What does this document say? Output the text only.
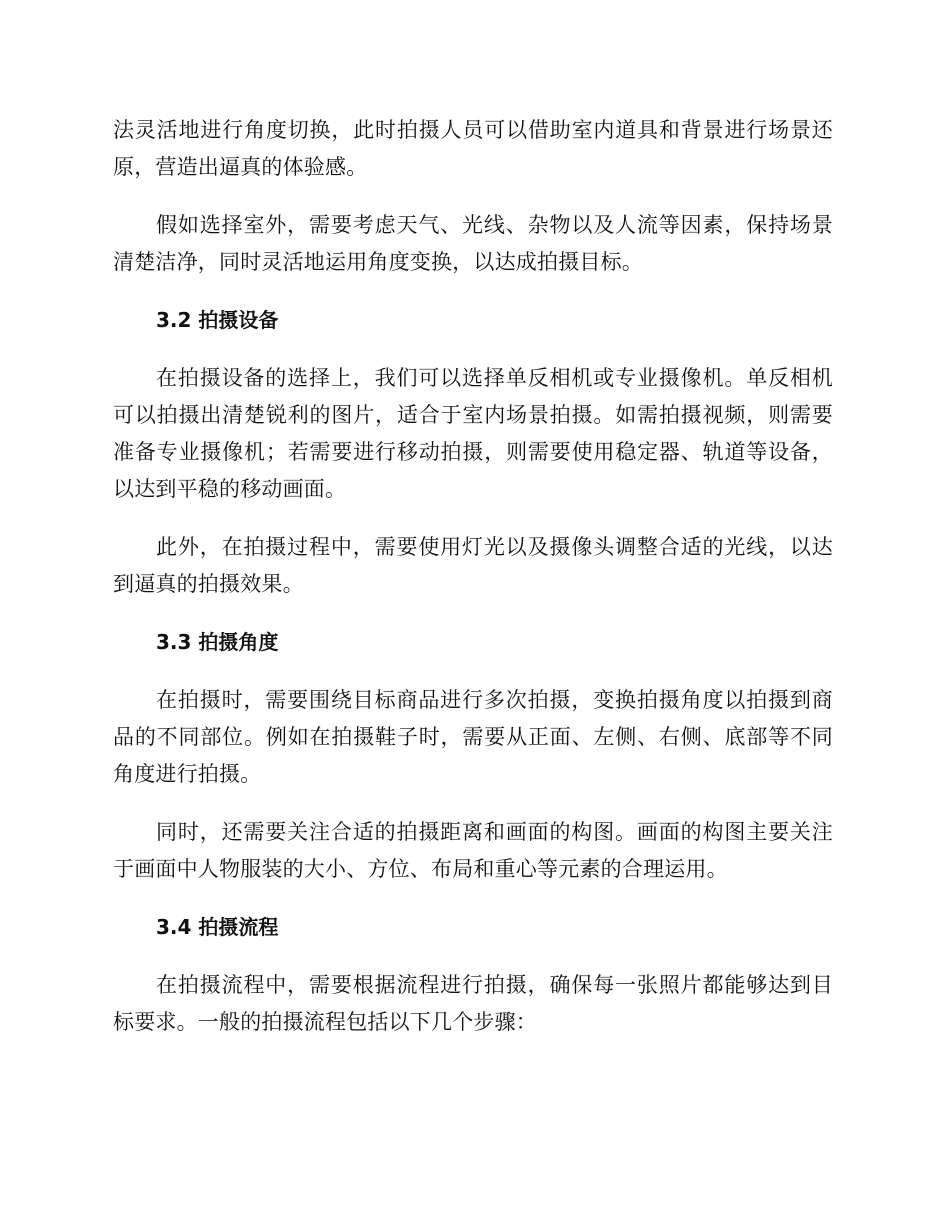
法灵活地进行角度切换，此时拍摄人员可以借助室内道具和背景进行场景还原，营造出逼真的体验感。

假如选择室外，需要考虑天气、光线、杂物以及人流等因素，保持场景清楚洁净，同时灵活地运用角度变换，以达成拍摄目标。

3.2 拍摄设备

在拍摄设备的选择上，我们可以选择单反相机或专业摄像机。单反相机可以拍摄出清楚锐利的图片，适合于室内场景拍摄。如需拍摄视频，则需要准备专业摄像机；若需要进行移动拍摄，则需要使用稳定器、轨道等设备，以达到平稳的移动画面。

此外，在拍摄过程中，需要使用灯光以及摄像头调整合适的光线，以达到逼真的拍摄效果。

3.3 拍摄角度

在拍摄时，需要围绕目标商品进行多次拍摄，变换拍摄角度以拍摄到商品的不同部位。例如在拍摄鞋子时，需要从正面、左侧、右侧、底部等不同角度进行拍摄。

同时，还需要关注合适的拍摄距离和画面的构图。画面的构图主要关注于画面中人物服装的大小、方位、布局和重心等元素的合理运用。

3.4 拍摄流程

在拍摄流程中，需要根据流程进行拍摄，确保每一张照片都能够达到目标要求。一般的拍摄流程包括以下几个步骤：
